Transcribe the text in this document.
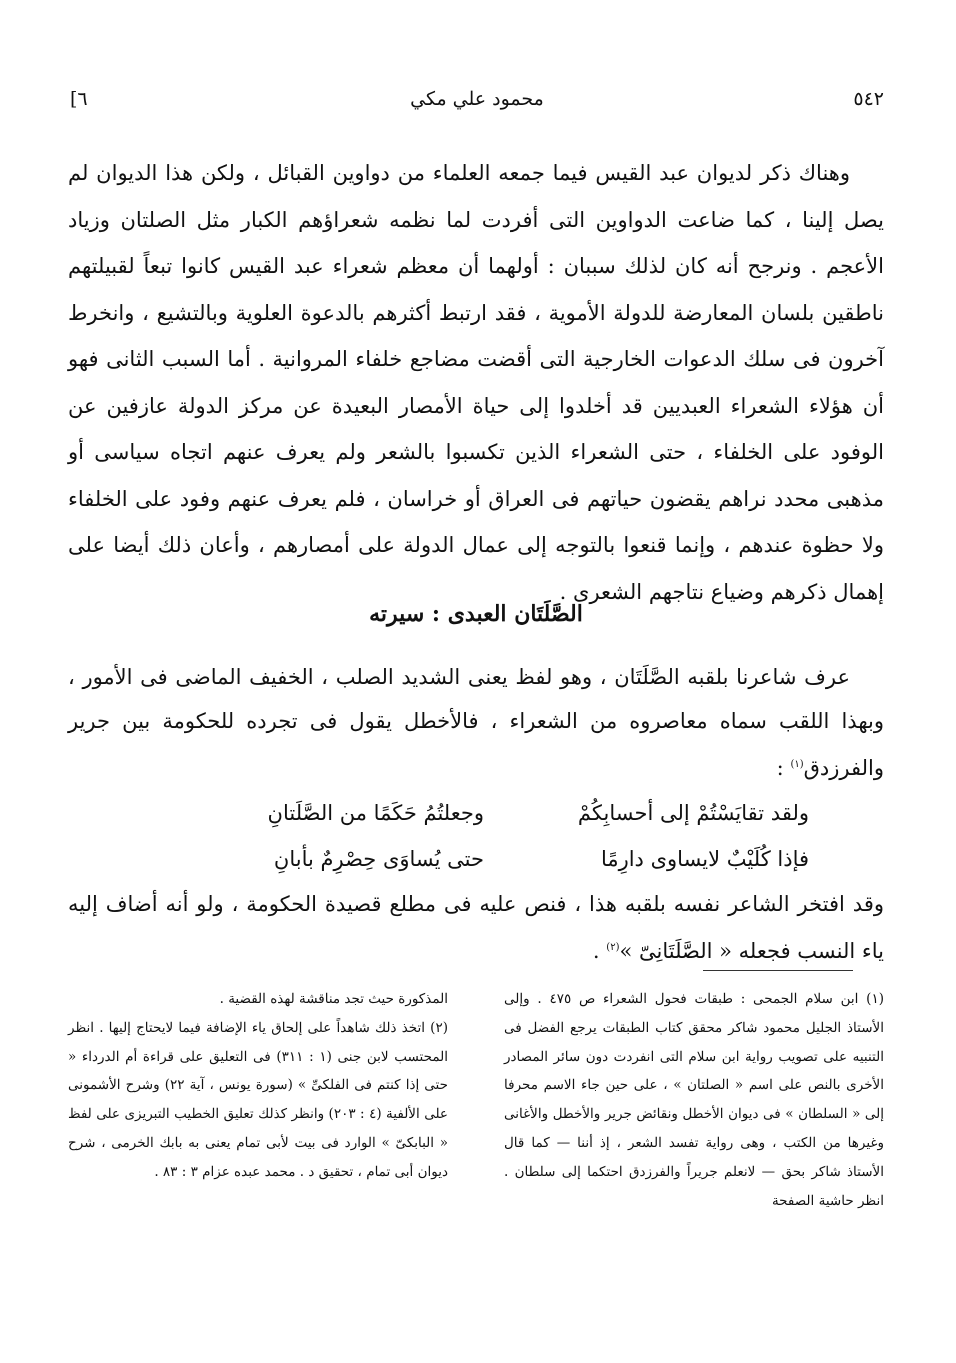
٥٤٢
محمود علي مكي
[٦

وهناك ذكر لديوان عبد القيس فيما جمعه العلماء من دواوين القبائل ، ولكن هذا الديوان لم يصل إلينا ، كما ضاعت الدواوين التى أفردت لما نظمه شعراؤهم الكبار مثل الصلتان وزياد الأعجم . ونرجح أنه كان لذلك سببان : أولهما أن معظم شعراء عبد القيس كانوا تبعاً لقبيلتهم ناطقين بلسان المعارضة للدولة الأموية ، فقد ارتبط أكثرهم بالدعوة العلوية وبالتشيع ، وانخرط آخرون فى سلك الدعوات الخارجية التى أقضت مضاجع خلفاء المروانية . أما السبب الثانى فهو أن هؤلاء الشعراء العبديين قد أخلدوا إلى حياة الأمصار البعيدة عن مركز الدولة عازفين عن الوفود على الخلفاء ، حتى الشعراء الذين تكسبوا بالشعر ولم يعرف عنهم اتجاه سياسى أو مذهبى محدد نراهم يقضون حياتهم فى العراق أو خراسان ، فلم يعرف عنهم وفود على الخلفاء ولا حظوة عندهم ، وإنما قنعوا بالتوجه إلى عمال الدولة على أمصارهم ، وأعان ذلك أيضا على إهمال ذكرهم وضياع نتاجهم الشعرى .

الصَّلَتَان العبدى : سيرته

عرف شاعرنا بلقبه الصَّلَتَان ، وهو لفظ يعنى الشديد الصلب ، الخفيف الماضى فى الأمور ، وبهذا اللقب سماه معاصروه من الشعراء ، فالأخطل يقول فى تجرده للحكومة بين جرير والفرزدق$^{(١)}$ :

ولقد تقايَسْتُمْ إلى أحسابِكُمْ
وجعلتُمُ حَكَمًا من الصَّلَتانِ
فإذا كُلَيْبٌ لايساوى دارِمًا
حتى يُساوَى حِصْرِمٌ بأبانِ

وقد افتخر الشاعر نفسه بلقبه هذا ، فنص عليه فى مطلع قصيدة الحكومة ، ولو أنه أضاف إليه ياء النسب فجعله « الصَّلَتَانِىّ »$^{(٢)}$ .

(١) ابن سلام الجمحى : طبقات فحول الشعراء ص ٤٧٥ . وإلى الأستاذ الجليل محمود شاكر محقق كتاب الطبقات يرجع الفضل فى التنبيه على تصويب رواية ابن سلام التى انفردت دون سائر المصادر الأخرى بالنص على اسم « الصلتان » ، على حين جاء الاسم محرفا إلى « السلطان » فى ديوان الأخطل ونقائض جرير والأخطل والأغانى وغيرها من الكتب ، وهى رواية تفسد الشعر ، إذ أننا — كما قال الأستاذ شاكر بحق — لانعلم جريراً والفرزدق احتكما إلى سلطان . انظر حاشية الصفحة

المذكورة حيث تجد مناقشة لهذه القضية .

(٢) اتخذ ذلك شاهداً على إلحاق ياء الإضافة فيما لايحتاج إليها . انظر المحتسب لابن جنى (١ : ٣١١) فى التعليق على قراءة أم الدرداء « حتى إذا كنتم فى الفلكىِّ » (سورة يونس ، آية ٢٢) وشرح الأشمونى على الألفية (٤ : ٢٠٣) وانظر كذلك تعليق الخطيب التبريزى على لفظ « البابكىّ » الوارد فى بيت لأبى تمام يعنى به بابك الخرمى ، شرح ديوان أبى تمام ، تحقيق د . محمد عبده عزام ٣ : ٨٣ .
